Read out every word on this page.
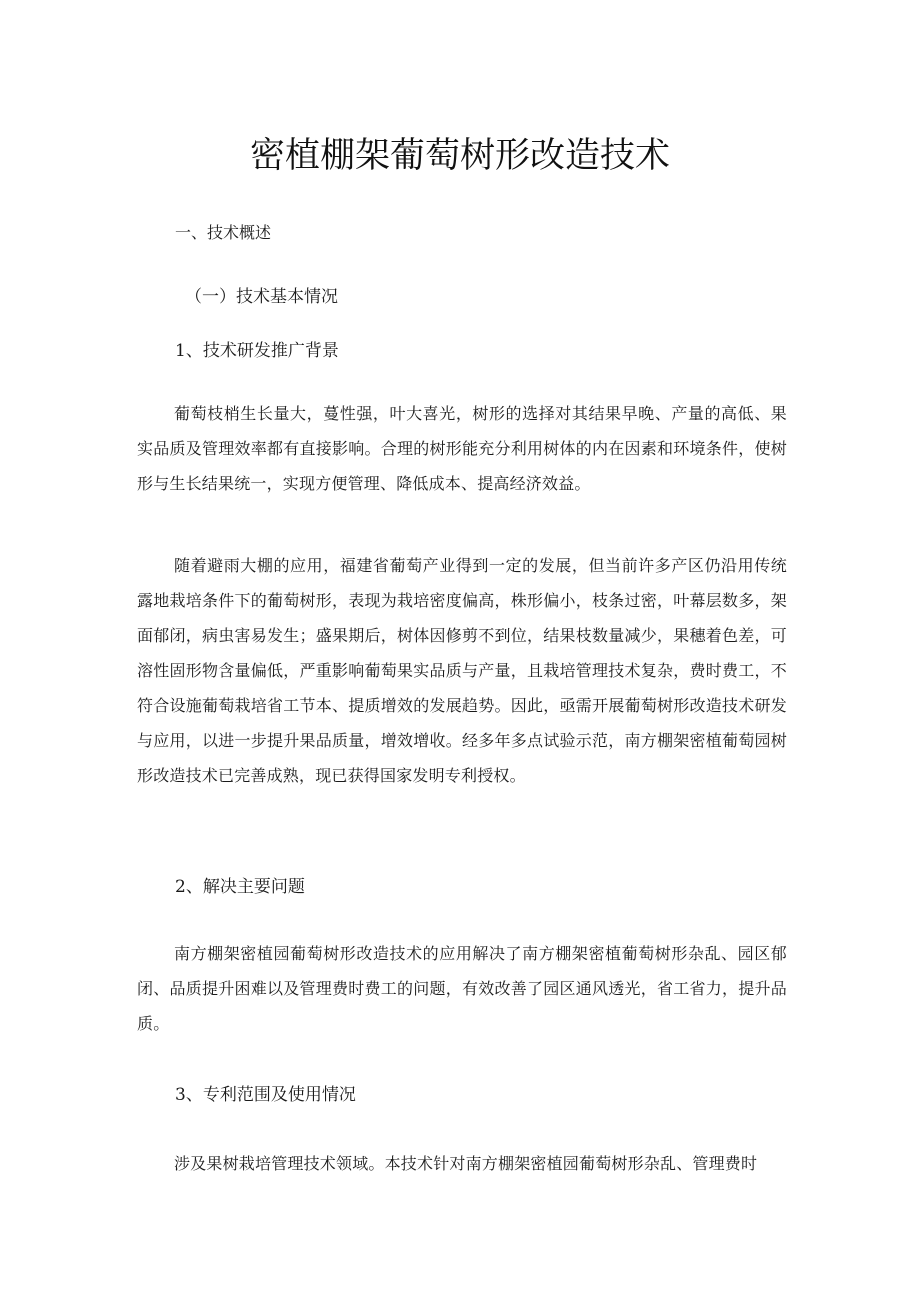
密植棚架葡萄树形改造技术
一、技术概述
（一）技术基本情况
1、技术研发推广背景

葡萄枝梢生长量大，蔓性强，叶大喜光，树形的选择对其结果早晚、产量的高低、果实品质及管理效率都有直接影响。合理的树形能充分利用树体的内在因素和环境条件，使树形与生长结果统一，实现方便管理、降低成本、提高经济效益。

随着避雨大棚的应用，福建省葡萄产业得到一定的发展，但当前许多产区仍沿用传统露地栽培条件下的葡萄树形，表现为栽培密度偏高，株形偏小，枝条过密，叶幕层数多，架面郁闭，病虫害易发生；盛果期后，树体因修剪不到位，结果枝数量减少，果穗着色差，可溶性固形物含量偏低，严重影响葡萄果实品质与产量，且栽培管理技术复杂，费时费工，不符合设施葡萄栽培省工节本、提质增效的发展趋势。因此，亟需开展葡萄树形改造技术研发与应用，以进一步提升果品质量，增效增收。经多年多点试验示范，南方棚架密植葡萄园树形改造技术已完善成熟，现已获得国家发明专利授权。

2、解决主要问题

南方棚架密植园葡萄树形改造技术的应用解决了南方棚架密植葡萄树形杂乱、园区郁闭、品质提升困难以及管理费时费工的问题，有效改善了园区通风透光，省工省力，提升品质。

3、专利范围及使用情况

涉及果树栽培管理技术领域。本技术针对南方棚架密植园葡萄树形杂乱、管理费时
